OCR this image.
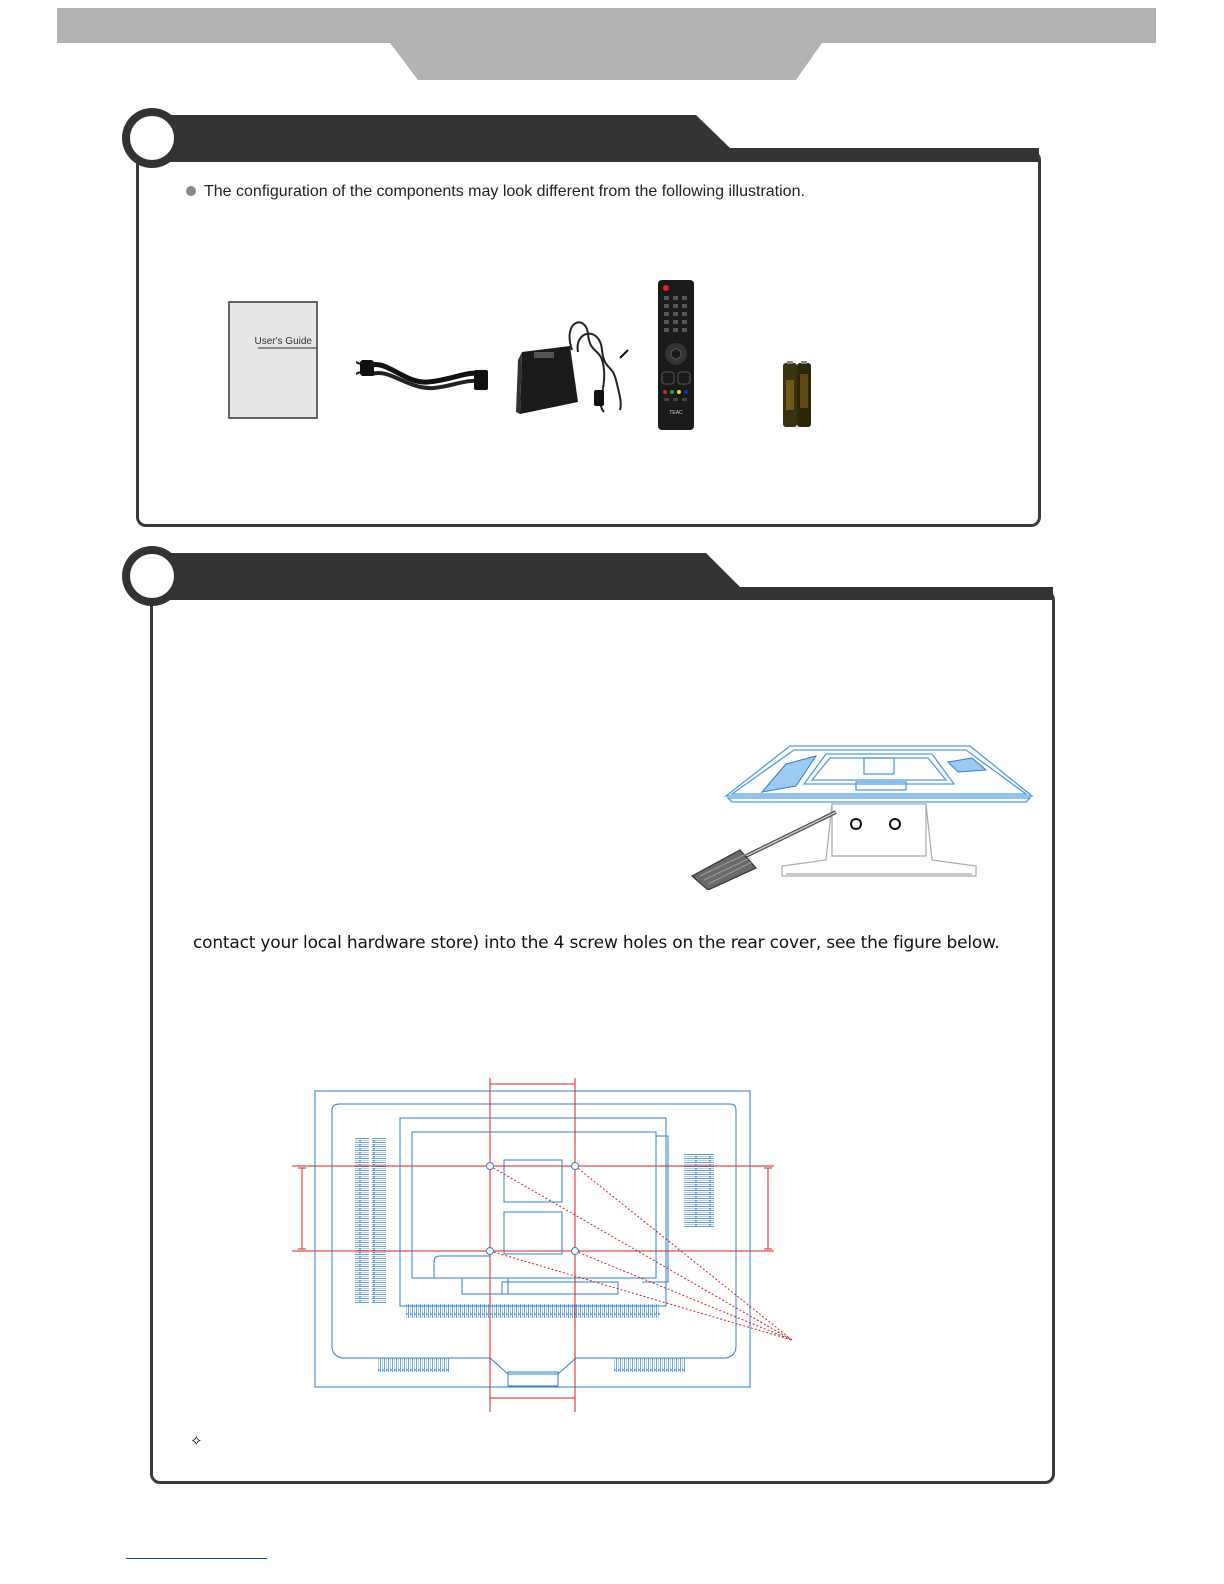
The configuration of the components may look different from the following illustration.
User's Guide
TEAC
contact your local hardware store) into the 4 screw holes on the rear cover, see the figure below.
✧
